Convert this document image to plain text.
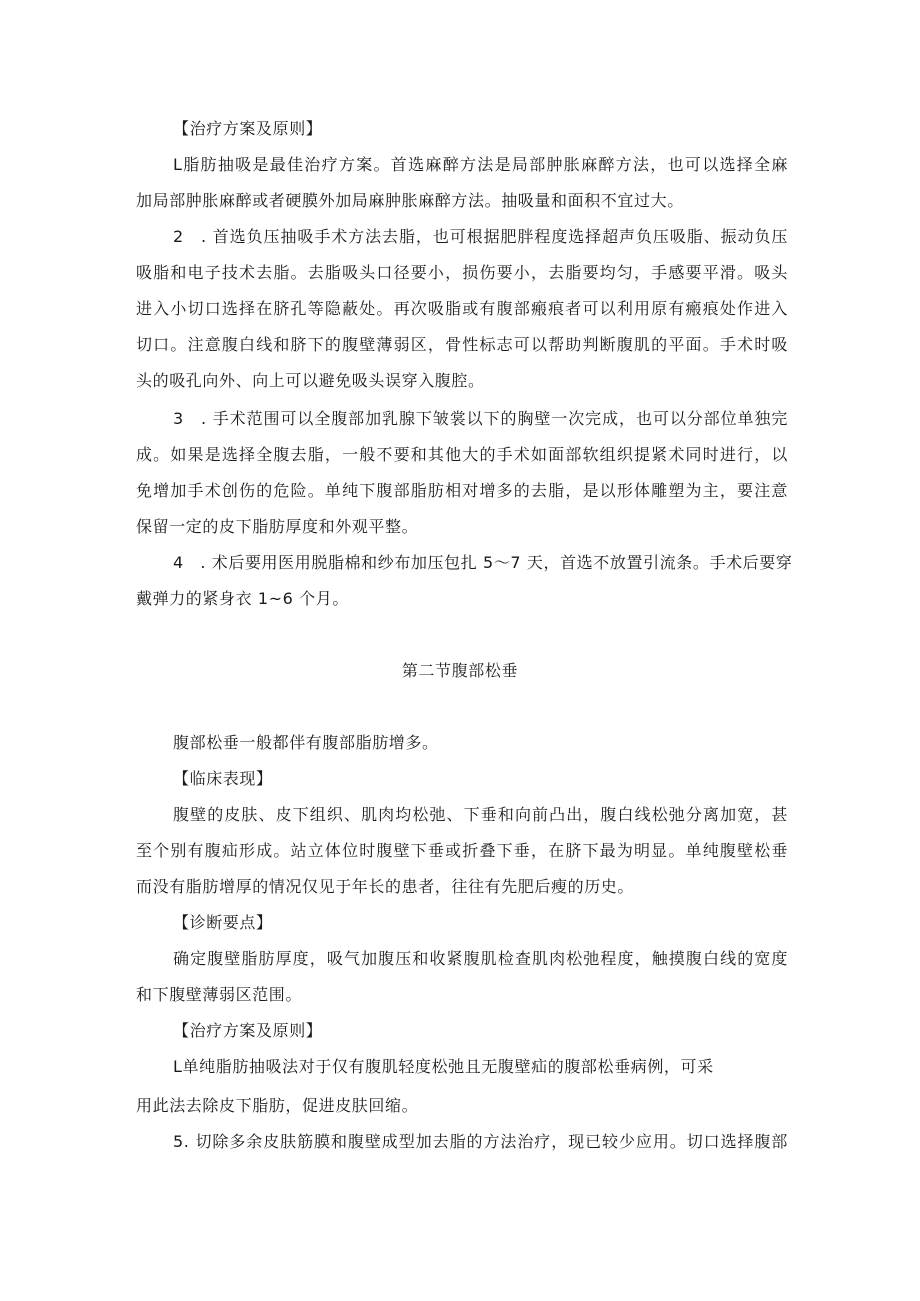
【治疗方案及原则】
L脂肪抽吸是最佳治疗方案。首选麻醉方法是局部肿胀麻醉方法，也可以选择全麻
加局部肿胀麻醉或者硬膜外加局麻肿胀麻醉方法。抽吸量和面积不宜过大。
2　. 首选负压抽吸手术方法去脂，也可根据肥胖程度选择超声负压吸脂、振动负压
吸脂和电子技术去脂。去脂吸头口径要小，损伤要小，去脂要均匀，手感要平滑。吸头
进入小切口选择在脐孔等隐蔽处。再次吸脂或有腹部瘢痕者可以利用原有瘢痕处作进入
切口。注意腹白线和脐下的腹壁薄弱区，骨性标志可以帮助判断腹肌的平面。手术时吸
头的吸孔向外、向上可以避免吸头误穿入腹腔。
3　. 手术范围可以全腹部加乳腺下皱裳以下的胸壁一次完成，也可以分部位单独完
成。如果是选择全腹去脂，一般不要和其他大的手术如面部软组织提紧术同时进行，以
免增加手术创伤的危险。单纯下腹部脂肪相对增多的去脂，是以形体雕塑为主，要注意
保留一定的皮下脂肪厚度和外观平整。
4　. 术后要用医用脱脂棉和纱布加压包扎 5～7 天，首选不放置引流条。手术后要穿
戴弹力的紧身衣 1~6 个月。
第二节腹部松垂
腹部松垂一般都伴有腹部脂肪增多。
【临床表现】
腹壁的皮肤、皮下组织、肌肉均松弛、下垂和向前凸出，腹白线松弛分离加宽，甚
至个别有腹疝形成。站立体位时腹壁下垂或折叠下垂，在脐下最为明显。单纯腹壁松垂
而没有脂肪增厚的情况仅见于年长的患者，往往有先肥后瘦的历史。
【诊断要点】
确定腹壁脂肪厚度，吸气加腹压和收紧腹肌检查肌肉松弛程度，触摸腹白线的宽度
和下腹壁薄弱区范围。
【治疗方案及原则】
L单纯脂肪抽吸法对于仅有腹肌轻度松弛且无腹壁疝的腹部松垂病例，可采
用此法去除皮下脂肪，促进皮肤回缩。
5. 切除多余皮肤筋膜和腹壁成型加去脂的方法治疗，现已较少应用。切口选择腹部
